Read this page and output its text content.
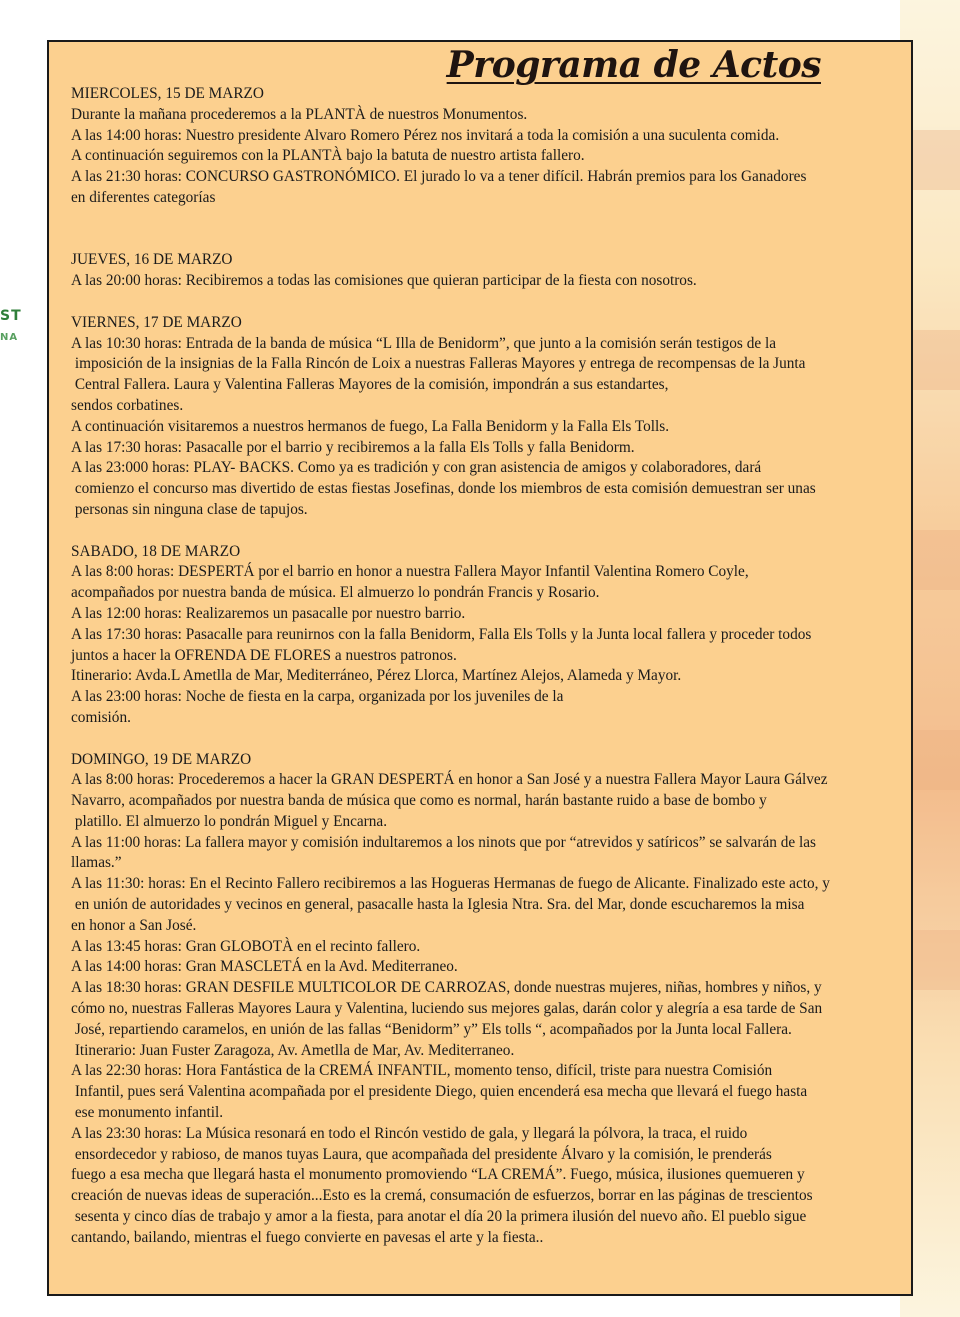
ST
NA
Programa de Actos
MIERCOLES, 15 DE MARZO
Durante la mañana procederemos a la PLANTÀ de nuestros Monumentos.
A las 14:00 horas: Nuestro presidente Alvaro Romero Pérez nos invitará a toda la comisión a una suculenta comida.
A continuación seguiremos con la PLANTÀ bajo la batuta de nuestro artista fallero.
A las 21:30 horas: CONCURSO GASTRONÓMICO. El jurado lo va a tener difícil. Habrán premios para los Ganadores
en diferentes categorías
JUEVES, 16 DE MARZO
A las 20:00 horas: Recibiremos a todas las comisiones que quieran participar de la fiesta con nosotros.
VIERNES, 17 DE MARZO
A las 10:30 horas: Entrada de la banda de música “L Illa de Benidorm”, que junto a la comisión serán testigos de la
imposición de la insignias de la Falla Rincón de Loix a nuestras Falleras Mayores y entrega de recompensas de la Junta
Central Fallera. Laura y Valentina Falleras Mayores de la comisión, impondrán a sus estandartes,
sendos corbatines.
A continuación visitaremos a nuestros hermanos de fuego, La Falla Benidorm y la Falla Els Tolls.
A las 17:30 horas: Pasacalle por el barrio y recibiremos a la falla Els Tolls y falla Benidorm.
A las 23:000 horas: PLAY- BACKS. Como ya es tradición y con gran asistencia de amigos y colaboradores, dará
comienzo el concurso mas divertido de estas fiestas Josefinas, donde los miembros de esta comisión demuestran ser unas
personas sin ninguna clase de tapujos.
SABADO, 18 DE MARZO
A las 8:00 horas: DESPERTÁ por el barrio en honor a nuestra Fallera Mayor Infantil Valentina Romero Coyle,
acompañados por nuestra banda de música. El almuerzo lo pondrán Francis y Rosario.
A las 12:00 horas: Realizaremos un pasacalle por nuestro barrio.
A las 17:30 horas: Pasacalle para reunirnos con la falla Benidorm, Falla Els Tolls y la Junta local fallera y proceder todos
juntos a hacer la OFRENDA DE FLORES a nuestros patronos.
Itinerario: Avda.L Ametlla de Mar, Mediterráneo, Pérez Llorca, Martínez Alejos, Alameda y Mayor.
A las 23:00 horas: Noche de fiesta en la carpa, organizada por los juveniles de la
comisión.
DOMINGO, 19 DE MARZO
A las 8:00 horas: Procederemos a hacer la GRAN DESPERTÁ en honor a San José y a nuestra Fallera Mayor Laura Gálvez
Navarro, acompañados por nuestra banda de música que como es normal, harán bastante ruido a base de bombo y
platillo. El almuerzo lo pondrán Miguel y Encarna.
A las 11:00 horas: La fallera mayor y comisión indultaremos a los ninots que por “atrevidos y satíricos” se salvarán de las
llamas.”
A las 11:30: horas: En el Recinto Fallero recibiremos a las Hogueras Hermanas de fuego de Alicante. Finalizado este acto, y
en unión de autoridades y vecinos en general, pasacalle hasta la Iglesia Ntra. Sra. del Mar, donde escucharemos la misa
en honor a San José.
A las 13:45 horas: Gran GLOBOTÀ en el recinto fallero.
A las 14:00 horas: Gran MASCLETÁ en la Avd. Mediterraneo.
A las 18:30 horas: GRAN DESFILE MULTICOLOR DE CARROZAS, donde nuestras mujeres, niñas, hombres y niños, y
cómo no, nuestras Falleras Mayores Laura y Valentina, luciendo sus mejores galas, darán color y alegría a esa tarde de San
José, repartiendo caramelos, en unión de las fallas “Benidorm” y” Els tolls “, acompañados por la Junta local Fallera.
Itinerario: Juan Fuster Zaragoza, Av. Ametlla de Mar, Av. Mediterraneo.
A las 22:30 horas: Hora Fantástica de la CREMÁ INFANTIL, momento tenso, difícil, triste para nuestra Comisión
Infantil, pues será Valentina acompañada por el presidente Diego, quien encenderá esa mecha que llevará el fuego hasta
ese monumento infantil.
A las 23:30 horas: La Música resonará en todo el Rincón vestido de gala, y llegará la pólvora, la traca, el ruido
ensordecedor y rabioso, de manos tuyas Laura, que acompañada del presidente Álvaro y la comisión, le prenderás
fuego a esa mecha que llegará hasta el monumento promoviendo “LA CREMÁ”. Fuego, música, ilusiones quemueren y
creación de nuevas ideas de superación...Esto es la cremá, consumación de esfuerzos, borrar en las páginas de trescientos
sesenta y cinco días de trabajo y amor a la fiesta, para anotar el día 20 la primera ilusión del nuevo año. El pueblo sigue
cantando, bailando, mientras el fuego convierte en pavesas el arte y la fiesta..
